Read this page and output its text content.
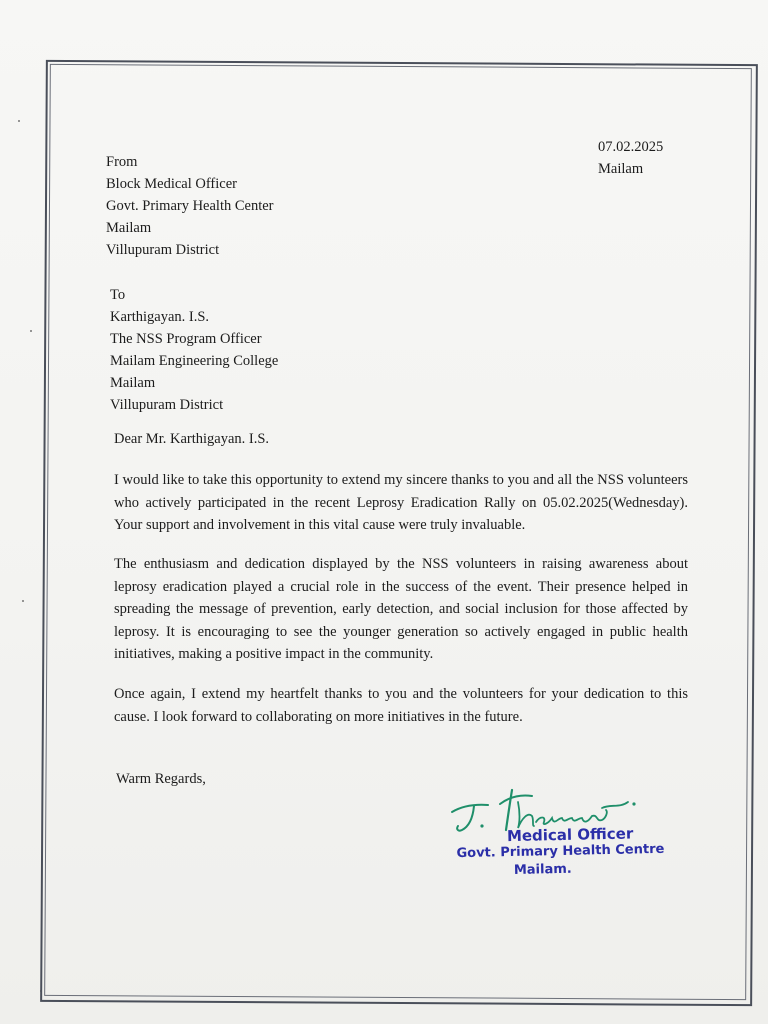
07.02.2025
Mailam
From
Block Medical Officer
Govt. Primary Health Center
Mailam
Villupuram District
To
Karthigayan. I.S.
The NSS Program Officer
Mailam Engineering College
Mailam
Villupuram District
Dear Mr. Karthigayan. I.S.
I would like to take this opportunity to extend my sincere thanks to you and all the NSS volunteers who actively participated in the recent Leprosy Eradication Rally on 05.02.2025(Wednesday). Your support and involvement in this vital cause were truly invaluable.
The enthusiasm and dedication displayed by the NSS volunteers in raising awareness about leprosy eradication played a crucial role in the success of the event. Their presence helped in spreading the message of prevention, early detection, and social inclusion for those affected by leprosy. It is encouraging to see the younger generation so actively engaged in public health initiatives, making a positive impact in the community.
Once again, I extend my heartfelt thanks to you and the volunteers for your dedication to this cause. I look forward to collaborating on more initiatives in the future.
Warm Regards,
Medical Officer
Govt. Primary Health Centre
Mailam.
